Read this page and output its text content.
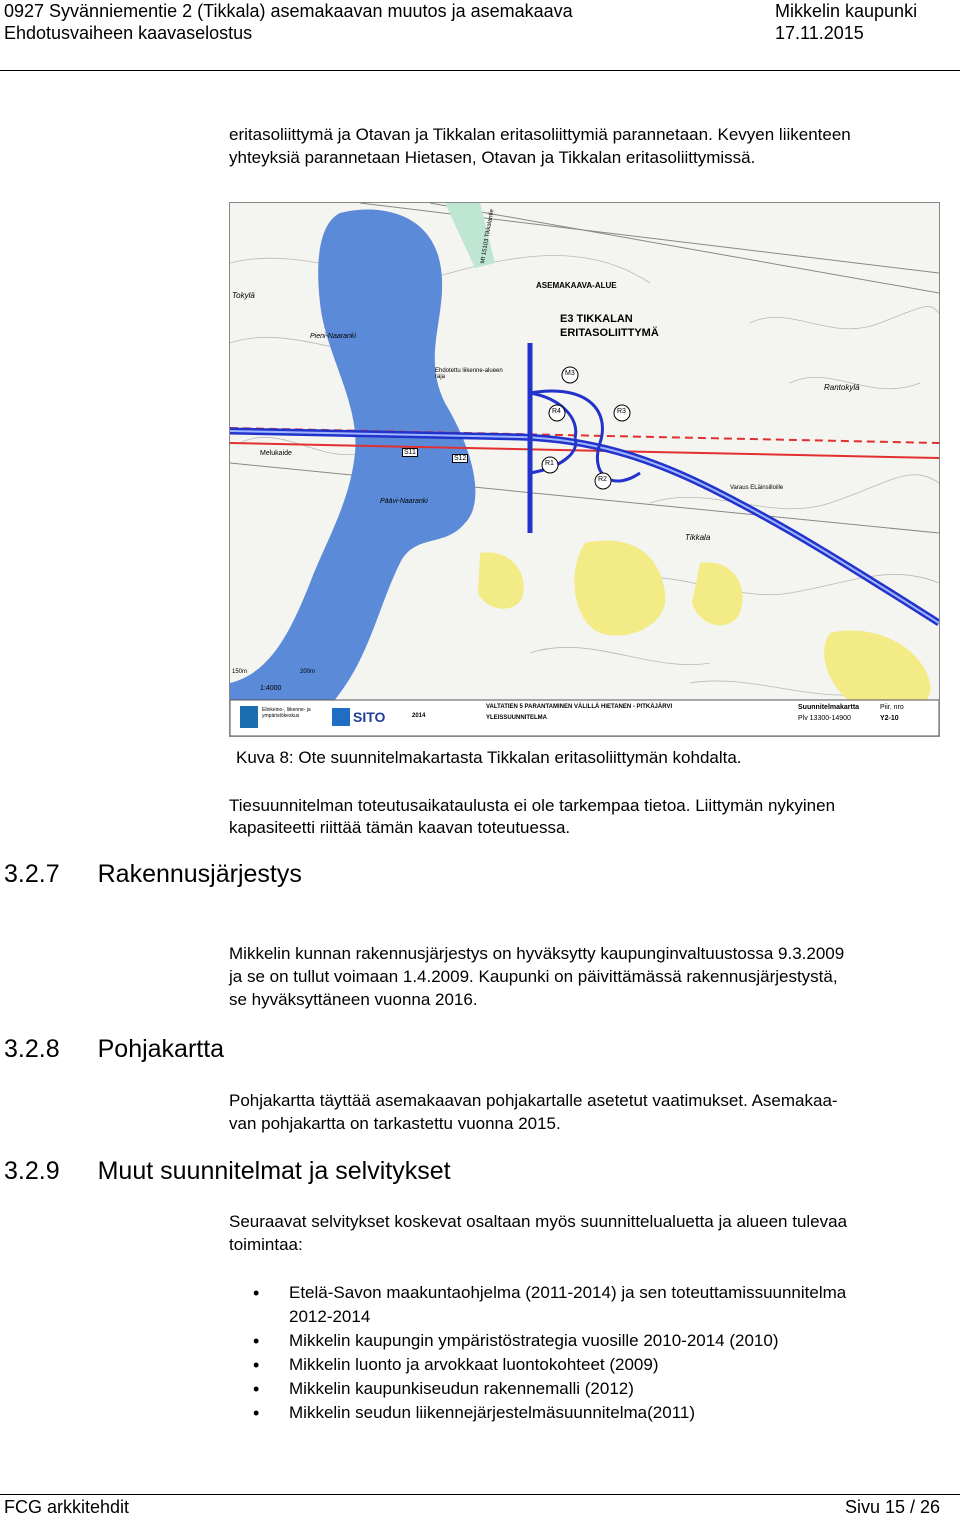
0927 Syvänniementie 2 (Tikkala) asemakaavan muutos ja asemakaava
Ehdotusvaiheen kaavaselostus
Mikkelin kaupunki
17.11.2015
eritasoliittymä ja Otavan ja Tikkalan eritasoliittymiä parannetaan. Kevyen liikenteen
yhteyksiä parannetaan Hietasen, Otavan ja Tikkalan eritasoliittymissä.
Tokylä
Pieni-Naaranki
Päävi-Naaranki
Melukaide
ASEMAKAAVA-ALUE
E3 TIKKALAN
ERITASOLIITTYMÄ
Ehdotettu liikenne-alueen raja
Rantokylä
Tikkala
Varaus ELäinsilloille
Mt 15103 Tikkalantie
R4	R3
R1
R2
M3
S11
S12
150m	200m
1:4000
Elinkeino-, liikenne- ja ympäristökeskus	SITO	2014
VALTATIEN 5 PARANTAMINEN VÄLILLÄ HIETANEN - PITKÄJÄRVI
YLEISSUUNNITELMA
Suunnitelmakartta
Plv 13300-14900
Piir. nro
Y2-10
Kuva 8: Ote suunnitelmakartasta Tikkalan eritasoliittymän kohdalta.
Tiesuunnitelman toteutusaikataulusta ei ole tarkempaa tietoa. Liittymän nykyinen
kapasiteetti riittää tämän kaavan toteutuessa.
3.2.7 Rakennusjärjestys
Mikkelin kunnan rakennusjärjestys on hyväksytty kaupunginvaltuustossa 9.3.2009
ja se on tullut voimaan 1.4.2009. Kaupunki on päivittämässä rakennusjärjestystä,
se hyväksyttäneen vuonna 2016.
3.2.8 Pohjakartta
Pohjakartta täyttää asemakaavan pohjakartalle asetetut vaatimukset. Asemakaa-
van pohjakartta on tarkastettu vuonna 2015.
3.2.9 Muut suunnitelmat ja selvitykset
Seuraavat selvitykset koskevat osaltaan myös suunnittelualuetta ja alueen tulevaa
toimintaa:
• Etelä-Savon maakuntaohjelma (2011-2014) ja sen toteuttamissuunnitelma
2012-2014
• Mikkelin kaupungin ympäristöstrategia vuosille 2010-2014 (2010)
• Mikkelin luonto ja arvokkaat luontokohteet (2009)
• Mikkelin kaupunkiseudun rakennemalli (2012)
• Mikkelin seudun liikennejärjestelmäsuunnitelma(2011)
FCG arkkitehdit	Sivu 15 / 26
